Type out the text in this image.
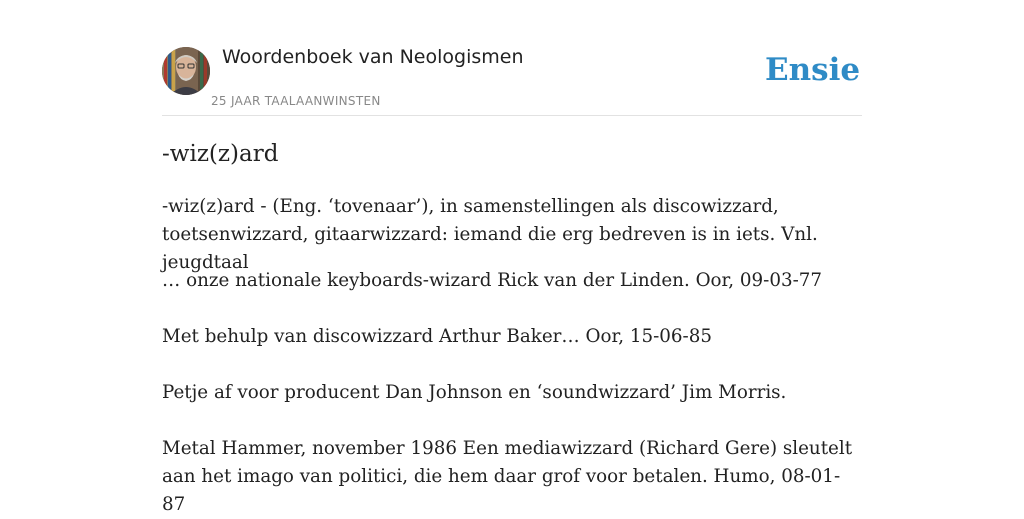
Woordenboek van Neologismen
25 JAAR TAALAANWINSTEN
Ensie
-wiz(z)ard

-wiz(z)ard - (Eng. ‘tovenaar’), in samenstellingen als discowizzard, toetsenwizzard, gitaarwizzard: iemand die erg bedreven is in iets. Vnl. jeugdtaal

… onze nationale keyboards-wizard Rick van der Linden. Oor, 09-03-77

Met behulp van discowizzard Arthur Baker… Oor, 15-06-85

Petje af voor producent Dan Johnson en ‘soundwizzard’ Jim Morris.

Metal Hammer, november 1986 Een mediawizzard (Richard Gere) sleutelt aan het imago van politici, die hem daar grof voor betalen. Humo, 08-01-87
